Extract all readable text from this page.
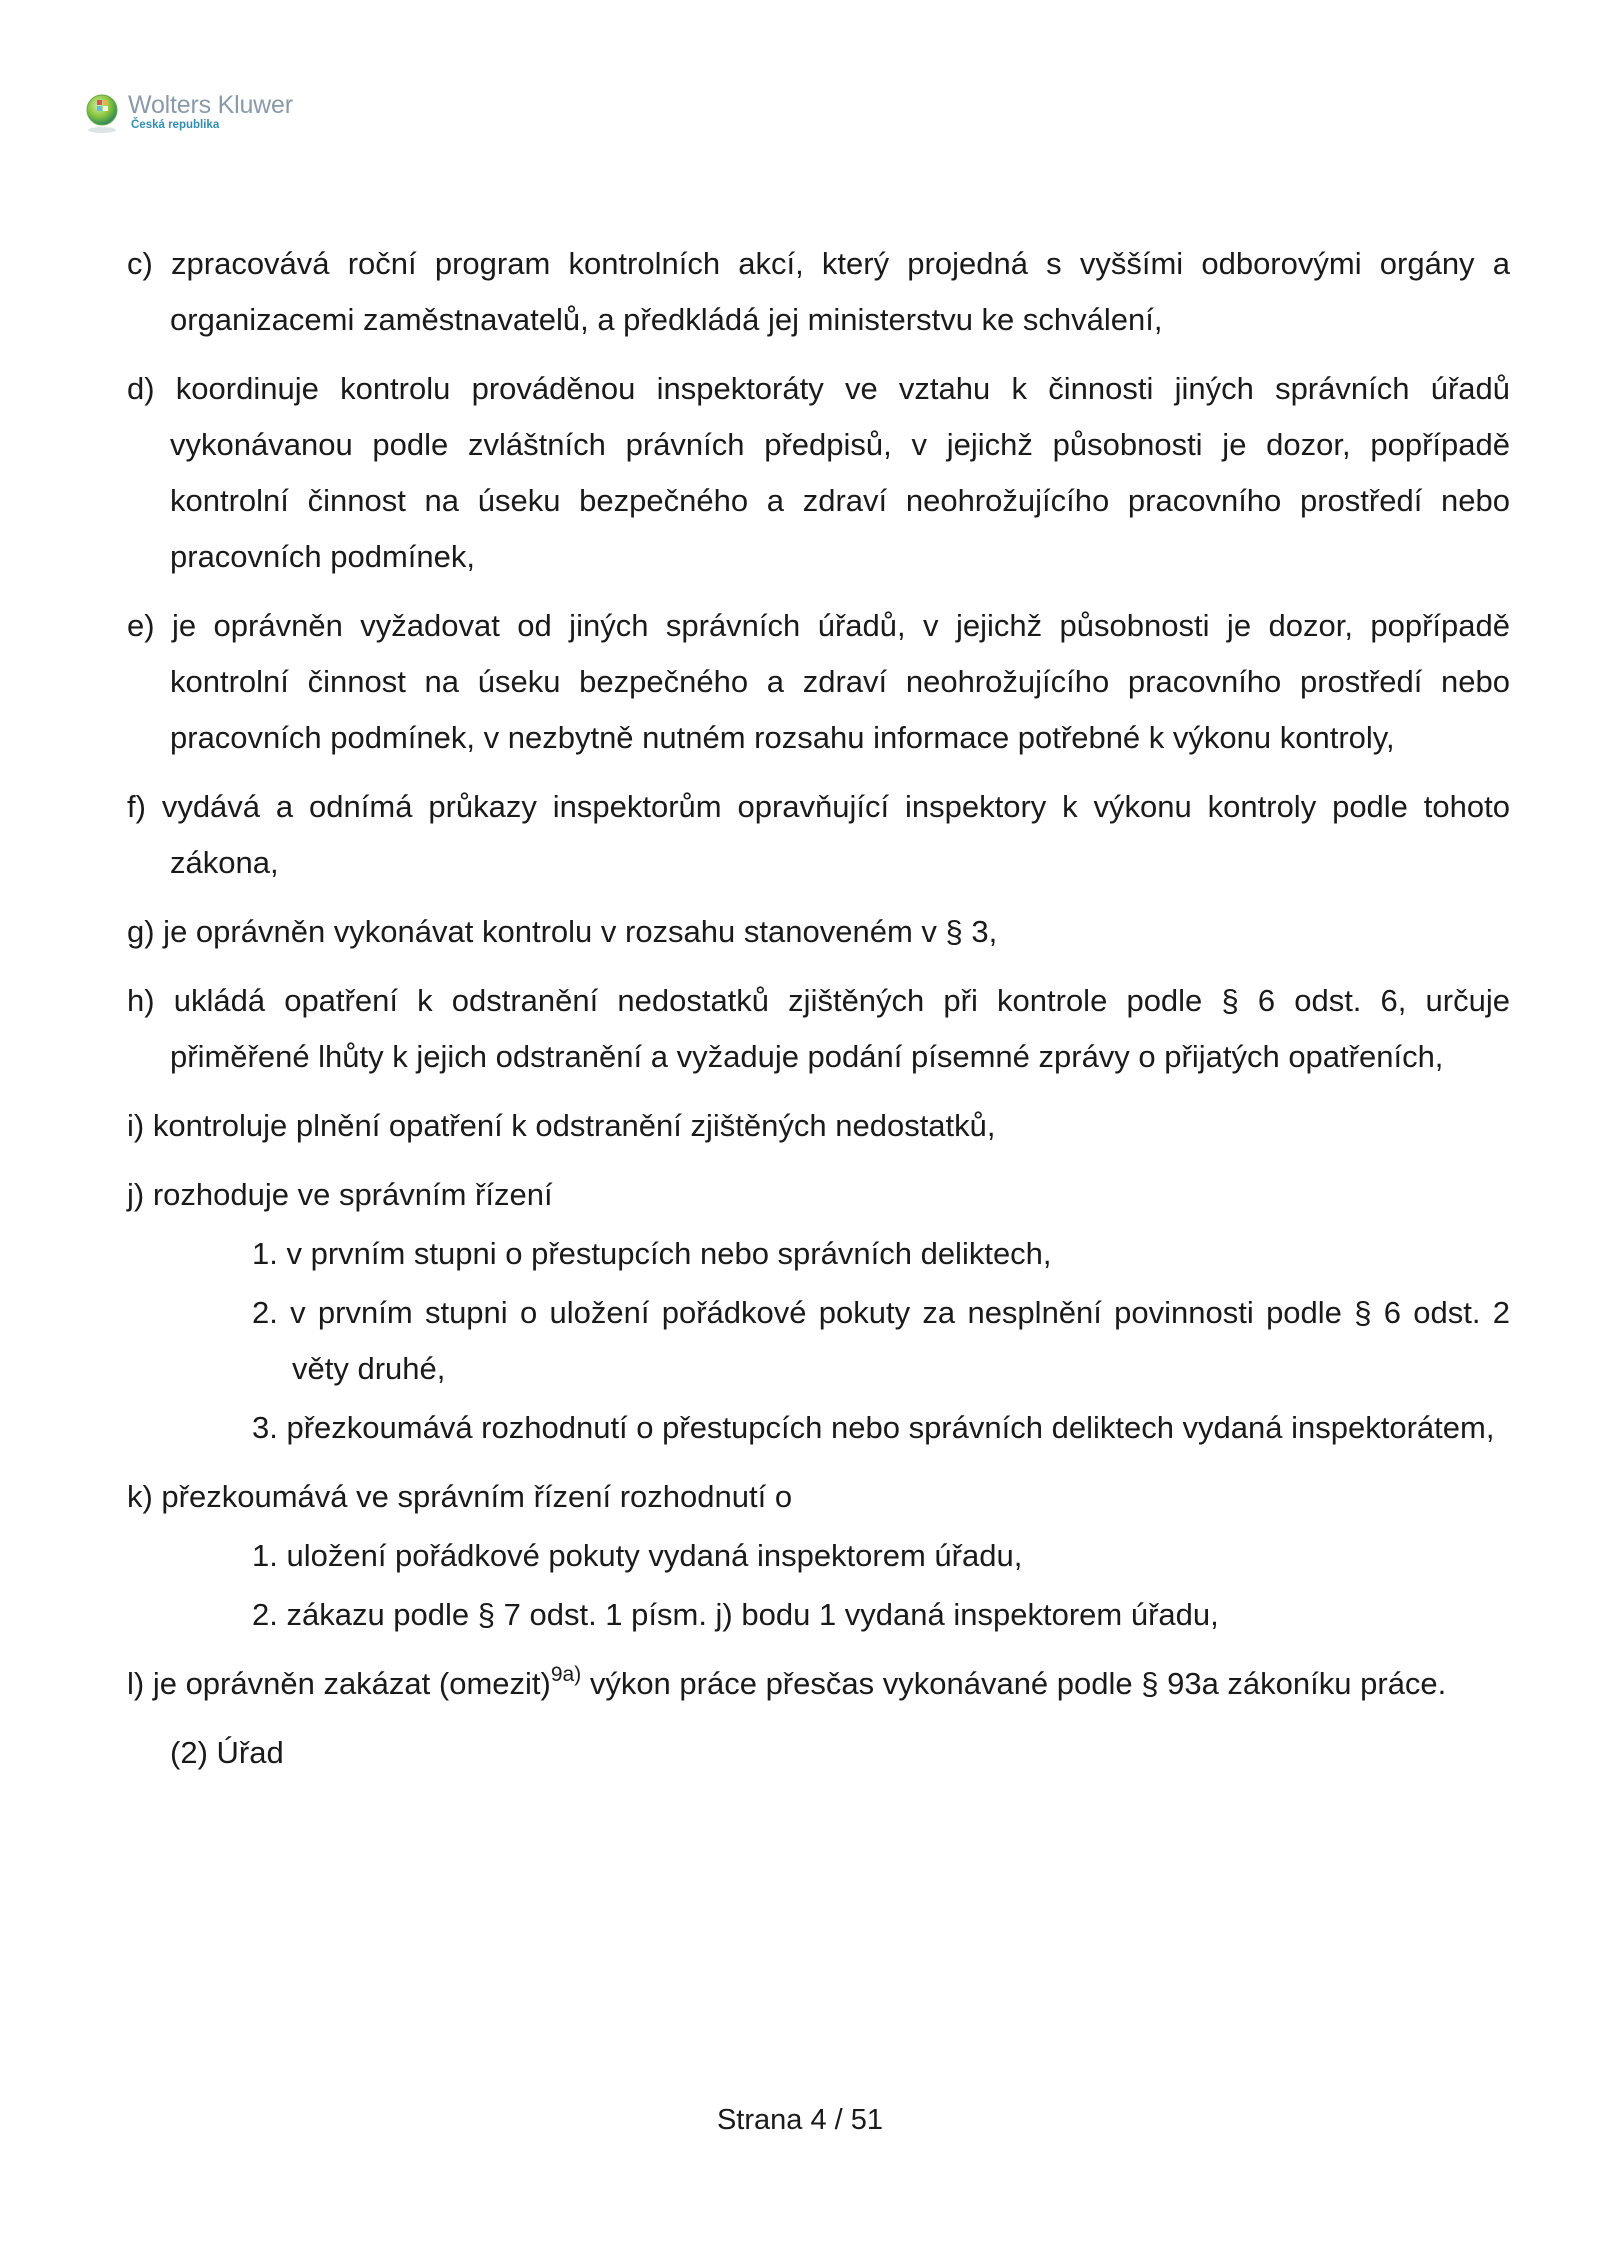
Wolters Kluwer
Česká republika

c) zpracovává roční program kontrolních akcí, který projedná s vyššími odborovými orgány a organizacemi zaměstnavatelů, a předkládá jej ministerstvu ke schválení,

d) koordinuje kontrolu prováděnou inspektoráty ve vztahu k činnosti jiných správních úřadů vykonávanou podle zvláštních právních předpisů, v jejichž působnosti je dozor, popřípadě kontrolní činnost na úseku bezpečného a zdraví neohrožujícího pracovního prostředí nebo pracovních podmínek,

e) je oprávněn vyžadovat od jiných správních úřadů, v jejichž působnosti je dozor, popřípadě kontrolní činnost na úseku bezpečného a zdraví neohrožujícího pracovního prostředí nebo pracovních podmínek, v nezbytně nutném rozsahu informace potřebné k výkonu kontroly,

f) vydává a odnímá průkazy inspektorům opravňující inspektory k výkonu kontroly podle tohoto zákona,

g) je oprávněn vykonávat kontrolu v rozsahu stanoveném v § 3,

h) ukládá opatření k odstranění nedostatků zjištěných při kontrole podle § 6 odst. 6, určuje přiměřené lhůty k jejich odstranění a vyžaduje podání písemné zprávy o přijatých opatřeních,

i) kontroluje plnění opatření k odstranění zjištěných nedostatků,

j) rozhoduje ve správním řízení

1. v prvním stupni o přestupcích nebo správních deliktech,

2. v prvním stupni o uložení pořádkové pokuty za nesplnění povinnosti podle § 6 odst. 2 věty druhé,

3. přezkoumává rozhodnutí o přestupcích nebo správních deliktech vydaná inspektorátem,

k) přezkoumává ve správním řízení rozhodnutí o

1. uložení pořádkové pokuty vydaná inspektorem úřadu,

2. zákazu podle § 7 odst. 1 písm. j) bodu 1 vydaná inspektorem úřadu,

l) je oprávněn zakázat (omezit)$^{9a)}$ výkon práce přesčas vykonávané podle § 93a zákoníku práce.

(2) Úřad

Strana 4 / 51
